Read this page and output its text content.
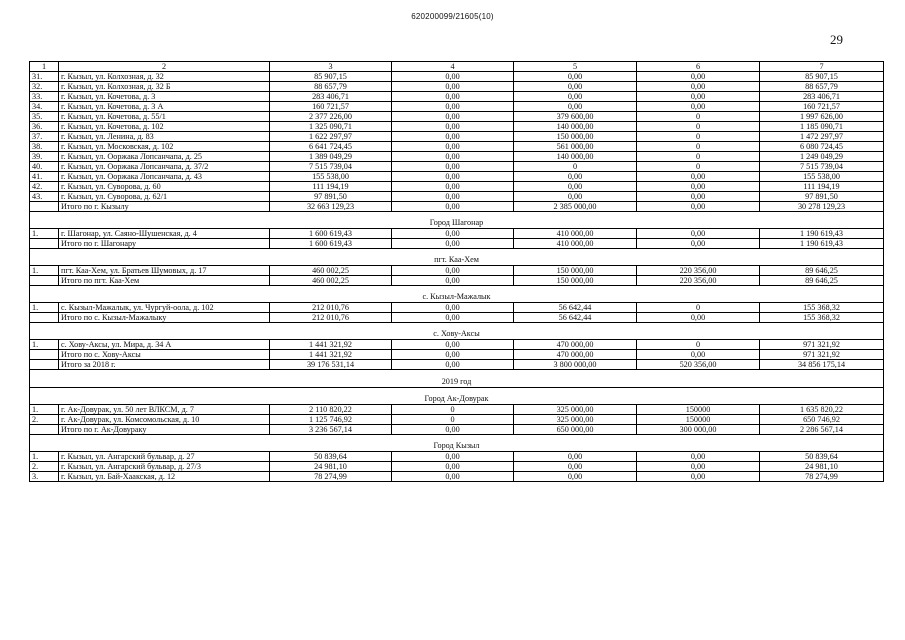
620200099/21605(10)
29
1	2	3	4	5	6	7
31.	г. Кызыл, ул. Колхозная, д. 32	85 907,15	0,00	0,00	0,00	85 907,15
32.	г. Кызыл, ул. Колхозная, д. 32 Б	88 657,79	0,00	0,00	0,00	88 657,79
33.	г. Кызыл, ул. Кочетова, д. 3	283 406,71	0,00	0,00	0,00	283 406,71
34.	г. Кызыл, ул. Кочетова, д. 3 А	160 721,57	0,00	0,00	0,00	160 721,57
35.	г. Кызыл, ул. Кочетова, д. 55/1	2 377 226,00	0,00	379 600,00	0	1 997 626,00
36.	г. Кызыл, ул. Кочетова, д. 102	1 325 090,71	0,00	140 000,00	0	1 185 090,71
37.	г. Кызыл, ул. Ленина, д. 83	1 622 297,97	0,00	150 000,00	0	1 472 297,97
38.	г. Кызыл, ул. Московская, д. 102	6 641 724,45	0,00	561 000,00	0	6 080 724,45
39.	г. Кызыл, ул. Ооржака Лопсанчапа, д. 25	1 389 049,29	0,00	140 000,00	0	1 249 049,29
40.	г. Кызыл, ул. Ооржака Лопсанчапа, д. 37/2	7 515 739,04	0,00	0	0	7 515 739,04
41.	г. Кызыл, ул. Ооржака Лопсанчапа, д. 43	155 538,00	0,00	0,00	0,00	155 538,00
42.	г. Кызыл, ул. Суворова, д. 60	111 194,19	0,00	0,00	0,00	111 194,19
43.	г. Кызыл, ул. Суворова, д. 62/1	97 891,50	0,00	0,00	0,00	97 891,50
	Итого по г. Кызылу	32 663 129,23	0,00	2 385 000,00	0,00	30 278 129,23
Город Шагонар						
1.	г. Шагонар, ул. Саяно-Шушенская, д. 4	1 600 619,43	0,00	410 000,00	0,00	1 190 619,43
	Итого по г. Шагонару	1 600 619,43	0,00	410 000,00	0,00	1 190 619,43
пгт. Каа-Хем						
1.	пгт. Каа-Хем, ул. Братьев Шумовых, д. 17	460 002,25	0,00	150 000,00	220 356,00	89 646,25
	Итого по пгт. Каа-Хем	460 002,25	0,00	150 000,00	220 356,00	89 646,25
с. Кызыл-Мажалык						
1.	с. Кызыл-Мажалык, ул. Чургуй-оола, д. 102	212 010,76	0,00	56 642,44	0	155 368,32
	Итого по с. Кызыл-Мажалыку	212 010,76	0,00	56 642,44	0,00	155 368,32
с. Хову-Аксы						
1.	с. Хову-Аксы, ул. Мира, д. 34 А	1 441 321,92	0,00	470 000,00	0	971 321,92
	Итого по с. Хову-Аксы	1 441 321,92	0,00	470 000,00	0,00	971 321,92
	Итого за 2018 г.	39 176 531,14	0,00	3 800 000,00	520 356,00	34 856 175,14
2019 год						
Город Ак-Довурак						
1.	г. Ак-Довурак, ул. 50 лет ВЛКСМ, д. 7	2 110 820,22	0	325 000,00	150000	1 635 820,22
2.	г. Ак-Довурак, ул. Комсомольская, д. 10	1 125 746,92	0	325 000,00	150000	650 746,92
	Итого по г. Ак-Довураку	3 236 567,14	0,00	650 000,00	300 000,00	2 286 567,14
Город Кызыл						
1.	г. Кызыл, ул. Ангарский бульвар, д. 27	50 839,64	0,00	0,00	0,00	50 839,64
2.	г. Кызыл, ул. Ангарский бульвар, д. 27/3	24 981,10	0,00	0,00	0,00	24 981,10
3.	г. Кызыл, ул. Бай-Хаакская, д. 12	78 274,99	0,00	0,00	0,00	78 274,99
